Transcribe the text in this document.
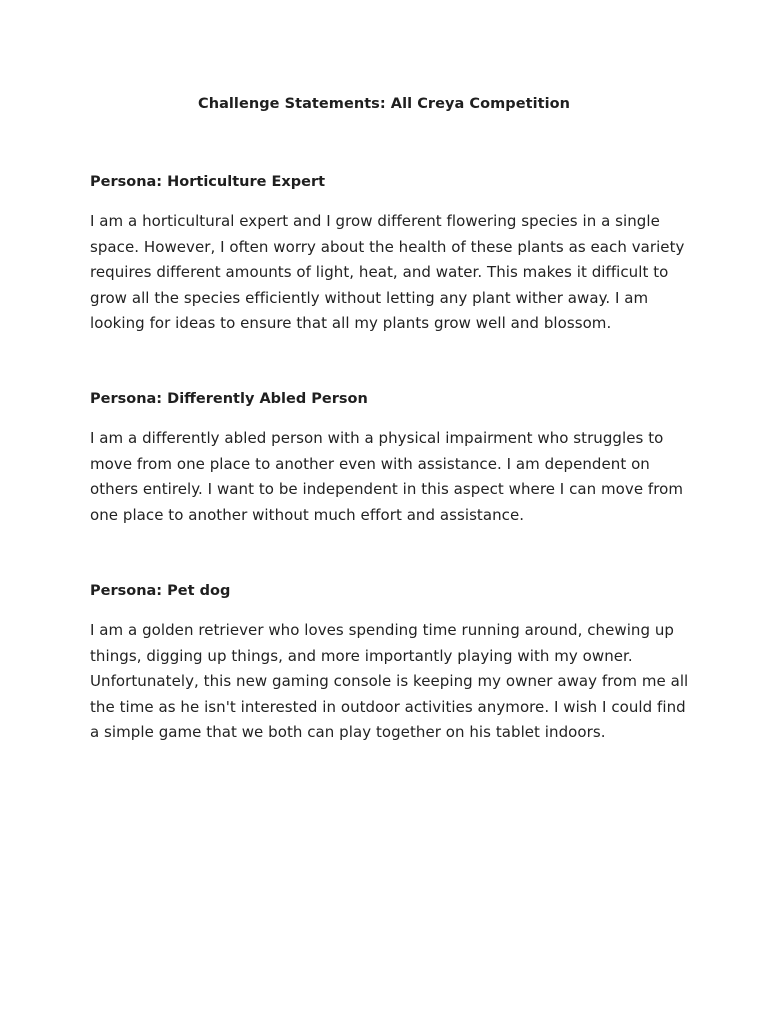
Challenge Statements: All Creya Competition
Persona: Horticulture Expert

I am a horticultural expert and I grow different flowering species in a single space. However, I often worry about the health of these plants as each variety requires different amounts of light, heat, and water. This makes it difficult to grow all the species efficiently without letting any plant wither away. I am looking for ideas to ensure that all my plants grow well and blossom.

Persona: Differently Abled Person

I am a differently abled person with a physical impairment who struggles to move from one place to another even with assistance. I am dependent on others entirely. I want to be independent in this aspect where I can move from one place to another without much effort and assistance.

Persona: Pet dog

I am a golden retriever who loves spending time running around, chewing up things, digging up things, and more importantly playing with my owner. Unfortunately, this new gaming console is keeping my owner away from me all the time as he isn't interested in outdoor activities anymore. I wish I could find a simple game that we both can play together on his tablet indoors.
